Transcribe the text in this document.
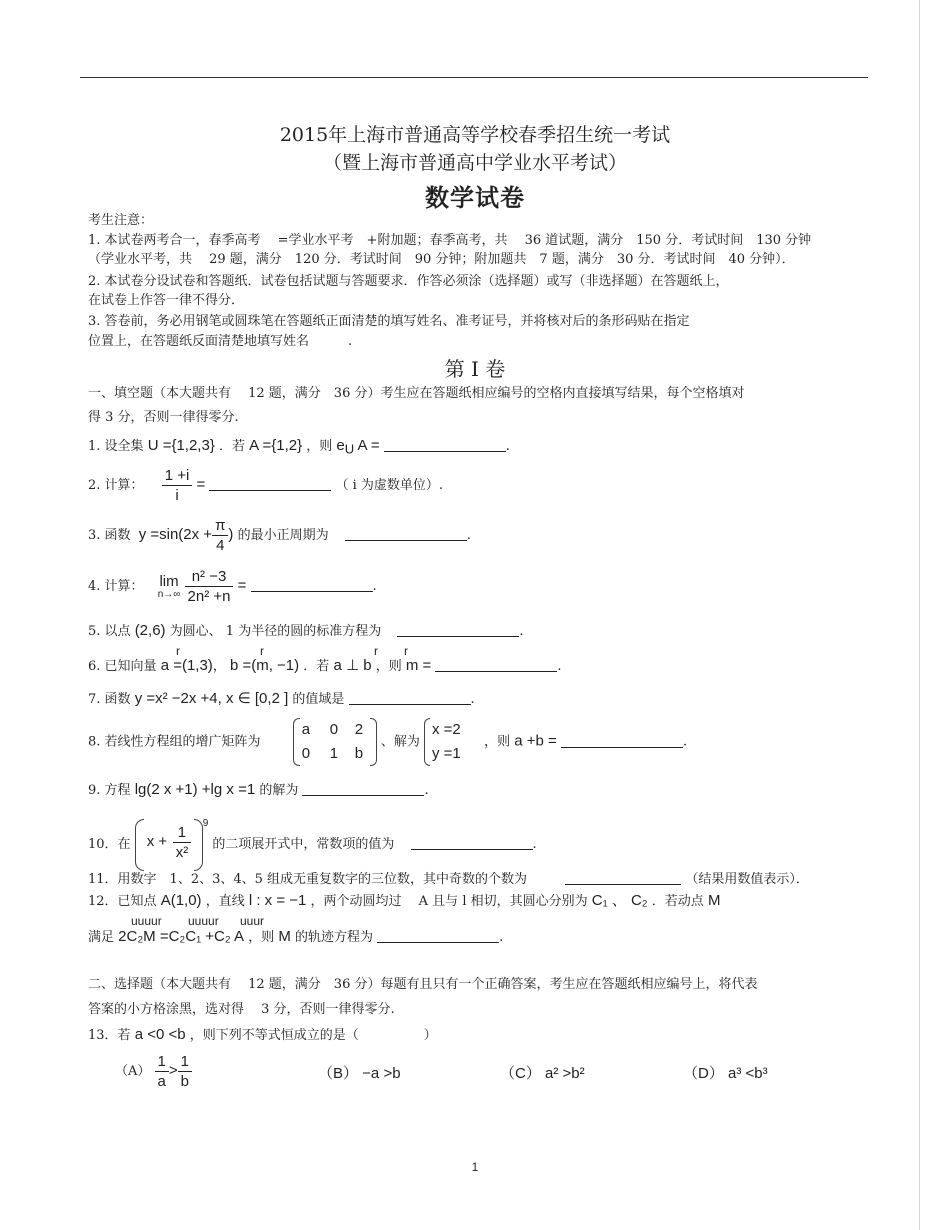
2015年上海市普通高等学校春季招生统一考试
（暨上海市普通高中学业水平考试）
数学试卷
考生注意：
1. 本试卷两考合一，春季高考　 =学业水平考　+附加题；春季高考，共　 36 道试题，满分　150 分．考试时间　130 分钟
（学业水平考，共　 29 题，满分　120 分．考试时间　90 分钟；附加题共　7 题，满分　30 分．考试时间　40 分钟）．
2. 本试卷分设试卷和答题纸．试卷包括试题与答题要求．作答必须涂（选择题）或写（非选择题）在答题纸上，
在试卷上作答一律不得分．
3. 答卷前，务必用钢笔或圆珠笔在答题纸正面清楚的填写姓名、准考证号，并将核对后的条形码贴在指定
位置上，在答题纸反面清楚地填写姓名　　　.
第 Ⅰ 卷
一、填空题（本大题共有　 12 题，满分　36 分）考生应在答题纸相应编号的空格内直接填写结果，每个空格填对
得 3 分，否则一律得零分.
1. 设全集 U ={1,2,3} ．若 A ={1,2} ，则 $e_U$ A =	.
2. 计算： $\frac{1 +i}{i}$ =	（ i 为虚数单位）.
3. 函数 $y =\sin(2x + \frac{\pi}{4}$ ) 的最小正周期为	.
4. 计算： lim
n→∞
$\frac{\text{n² −3}}{\text{2n² +n}}$ =	.
5. 以点 (2,6) 为圆心、 1 为半径的圆的标准方程为	.
r	r	r r
6. 已知向量 a =(1,3)， b =(m, −1) ．若 a ⊥ b ，则 m =	.
7. 函数 y =x² −2x +4, x ∈ [0,2 ] 的值域是	.
8. 若线性方程组的增广矩阵为
a 0 2
0 1 b
、解为
x =2
y =1
，则 a +b =	.
9. 方程 lg(2 x +1) +lg x =1 的解为	.
10．在 $x + \frac{1}{\text{x²}} ^9$ 的二项展开式中，常数项的值为	.
11．用数字　1、2、3、4、5 组成无重复数字的三位数，其中奇数的个数为	（结果用数值表示）．
12．已知点 A(1,0) ，直线 l : x = −1 ，两个动圆均过　 A 且与 l 相切，其圆心分别为 C₁ 、 C₂ ．若动点 M
uuuur uuuur uuur
满足 2C₂M =C₂C₁ +C₂ A ，则 M 的轨迹方程为	.
二、选择题（本大题共有　 12 题，满分　36 分）每题有且只有一个正确答案，考生应在答题纸相应编号上，将代表
答案的小方格涂黑，选对得　 3 分，否则一律得零分.
13．若 a <0 <b ，则下列不等式恒成立的是（　　　　　）
$(A) \frac{1}{a} > \frac{1}{b}$	（B） −a >b	（C） a² >b²	（D） a³ <b³
1
